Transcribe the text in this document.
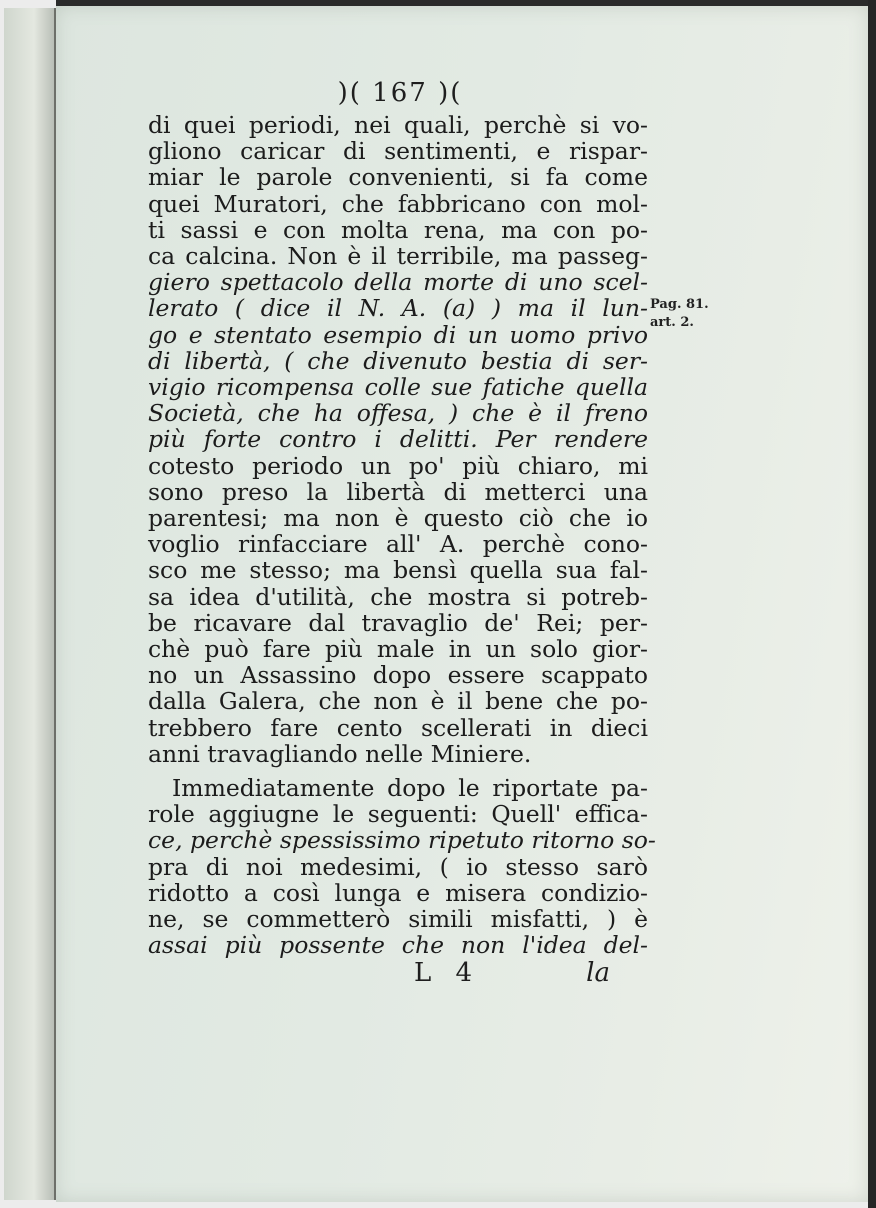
)( 167 )(
di quei periodi, nei quali, perchè si vo-
gliono caricar di sentimenti, e rispar-
miar le parole convenienti, si fa come
quei Muratori, che fabbricano con mol-
ti sassi e con molta rena, ma con po-
ca calcina. Non è il terribile, ma passeg-
giero spettacolo della morte di uno scel-
lerato ( dice il N. A. (a) ) ma il lun-
go e stentato esempio di un uomo privo
di libertà, ( che divenuto bestia di ser-
vigio ricompensa colle sue fatiche quella
Società, che ha offesa, ) che è il freno
più forte contro i delitti. Per rendere
cotesto periodo un po' più chiaro, mi
sono preso la libertà di metterci una
parentesi; ma non è questo ciò che io
voglio rinfacciare all' A. perchè cono-
sco me stesso; ma bensì quella sua fal-
sa idea d'utilità, che mostra si potreb-
be ricavare dal travaglio de' Rei; per-
chè può fare più male in un solo gior-
no un Assassino dopo essere scappato
dalla Galera, che non è il bene che po-
trebbero fare cento scellerati in dieci
anni travagliando nelle Miniere.
Immediatamente dopo le riportate pa-
role aggiugne le seguenti: Quell' effica-
ce, perchè spessissimo ripetuto ritorno so-
pra di noi medesimi, ( io stesso sarò
ridotto a così lunga e misera condizio-
ne, se commetterò simili misfatti, ) è
assai più possente che non l'idea del-
Pag. 81.
art. 2.
L 4	la
